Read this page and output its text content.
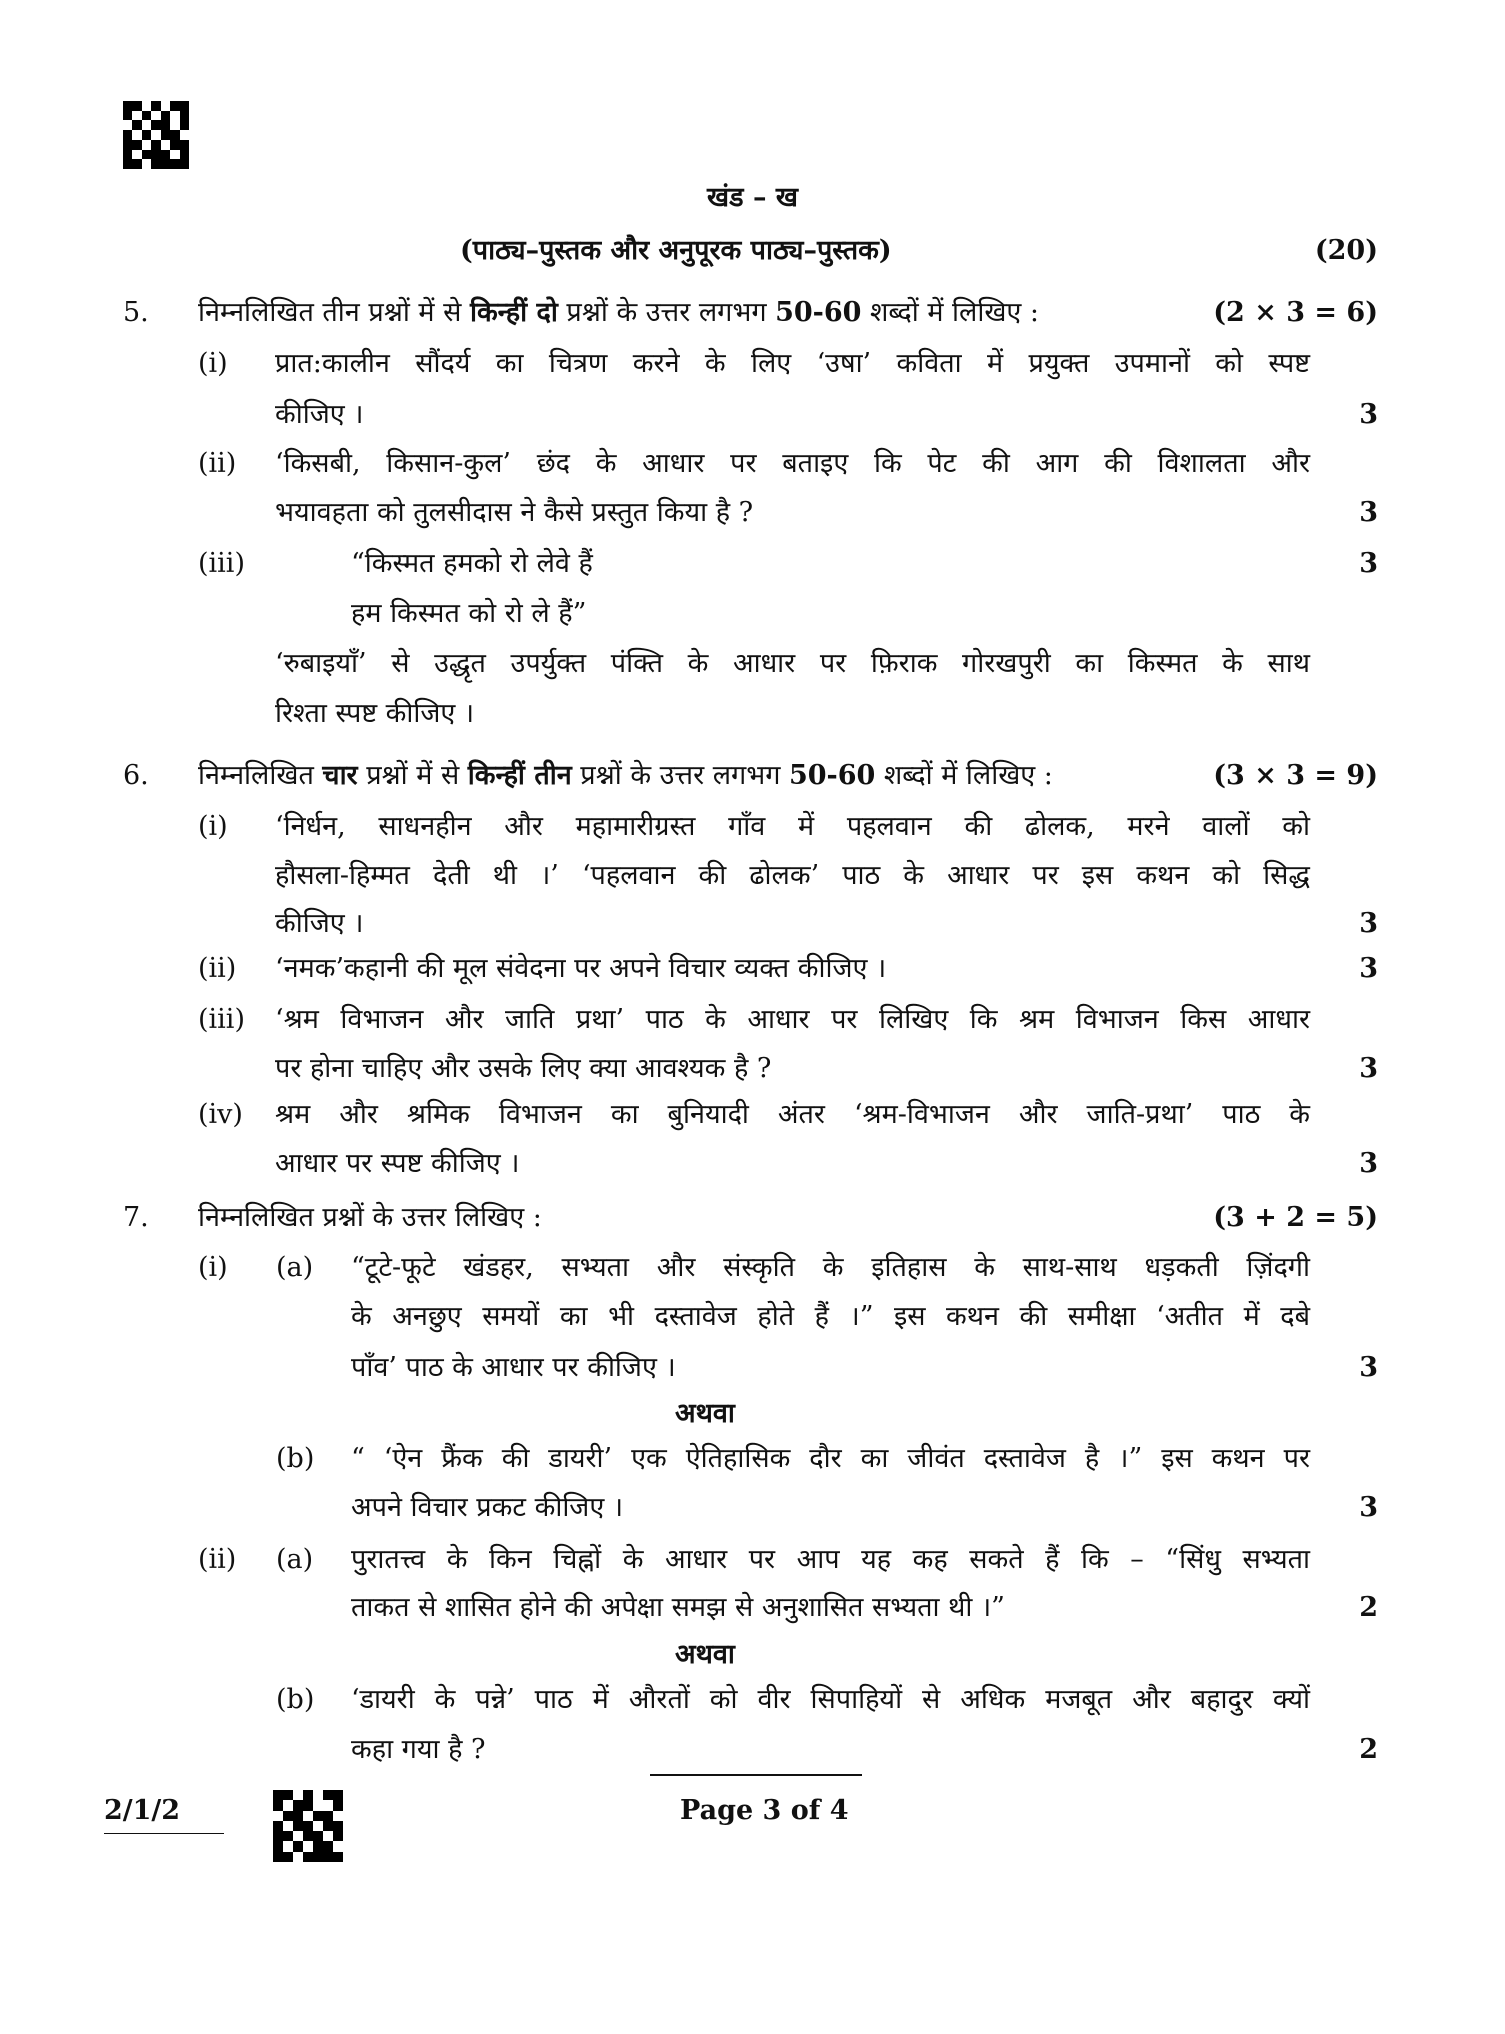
खंड – ख
(पाठ्य–पुस्तक और अनुपूरक पाठ्य–पुस्तक)	(20)
5. निम्नलिखित तीन प्रश्नों में से किन्हीं दो प्रश्नों के उत्तर लगभग 50-60 शब्दों में लिखिए :	(2 × 3 = 6)
(i) प्रात:कालीन सौंदर्य का चित्रण करने के लिए ‘उषा’ कविता में प्रयुक्त उपमानों को स्पष्ट
कीजिए ।	3
(ii) ‘किसबी, किसान-कुल’ छंद के आधार पर बताइए कि पेट की आग की विशालता और
भयावहता को तुलसीदास ने कैसे प्रस्तुत किया है ?	3
(iii)	“किस्मत हमको रो लेवे हैं	3
हम किस्मत को रो ले हैं”
‘रुबाइयाँ’ से उद्धृत उपर्युक्त पंक्ति के आधार पर फ़िराक गोरखपुरी का किस्मत के साथ
रिश्ता स्पष्ट कीजिए ।
6. निम्नलिखित चार प्रश्नों में से किन्हीं तीन प्रश्नों के उत्तर लगभग 50-60 शब्दों में लिखिए :	(3 × 3 = 9)
(i) ‘निर्धन, साधनहीन और महामारीग्रस्त गाँव में पहलवान की ढोलक, मरने वालों को
हौसला-हिम्मत देती थी ।’ ‘पहलवान की ढोलक’ पाठ के आधार पर इस कथन को सिद्ध
कीजिए ।	3
(ii) ‘नमक’कहानी की मूल संवेदना पर अपने विचार व्यक्त कीजिए ।	3
(iii) ‘श्रम विभाजन और जाति प्रथा’ पाठ के आधार पर लिखिए कि श्रम विभाजन किस आधार
पर होना चाहिए और उसके लिए क्या आवश्यक है ?	3
(iv) श्रम और श्रमिक विभाजन का बुनियादी अंतर ‘श्रम-विभाजन और जाति-प्रथा’ पाठ के
आधार पर स्पष्ट कीजिए ।	3
7. निम्नलिखित प्रश्नों के उत्तर लिखिए :	(3 + 2 = 5)
(i) (a) “टूटे-फूटे खंडहर, सभ्यता और संस्कृति के इतिहास के साथ-साथ धड़कती ज़िंदगी
के अनछुए समयों का भी दस्तावेज होते हैं ।” इस कथन की समीक्षा ‘अतीत में दबे
पाँव’ पाठ के आधार पर कीजिए ।	3
अथवा
(b) “ ‘ऐन फ्रैंक की डायरी’ एक ऐतिहासिक दौर का जीवंत दस्तावेज है ।” इस कथन पर
अपने विचार प्रकट कीजिए ।	3
(ii) (a) पुरातत्त्व के किन चिह्नों के आधार पर आप यह कह सकते हैं कि – “सिंधु सभ्यता
ताकत से शासित होने की अपेक्षा समझ से अनुशासित सभ्यता थी ।”	2
अथवा
(b) ‘डायरी के पन्ने’ पाठ में औरतों को वीर सिपाहियों से अधिक मजबूत और बहादुर क्यों
कहा गया है ?	2
2/1/2	Page 3 of 4
